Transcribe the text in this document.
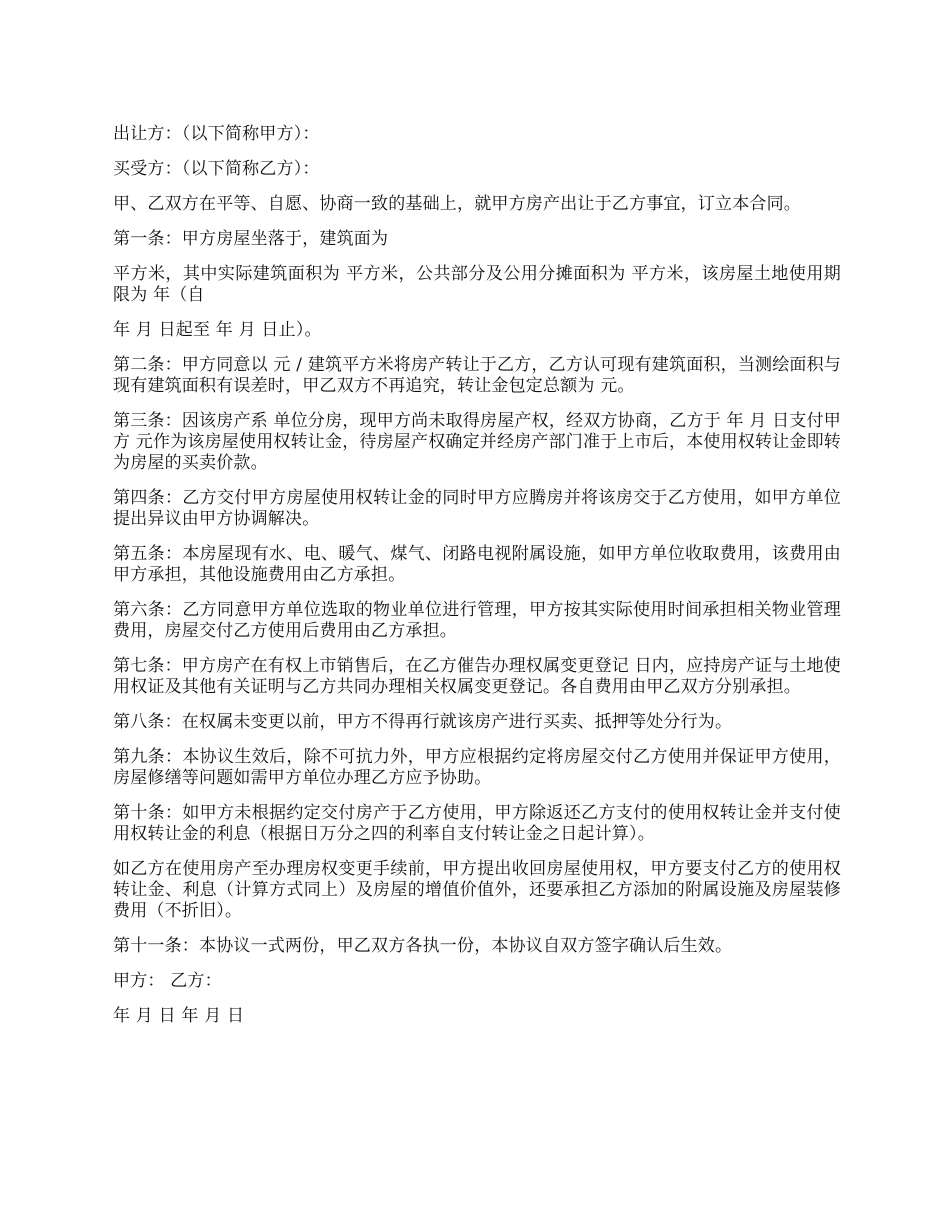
出让方：（以下简称甲方）：

买受方：（以下简称乙方）：

甲、乙双方在平等、自愿、协商一致的基础上，就甲方房产出让于乙方事宜，订立本合同。

第一条：甲方房屋坐落于，建筑面为

平方米，其中实际建筑面积为 平方米，公共部分及公用分摊面积为 平方米，该房屋土地使用期限为 年（自

年 月 日起至 年 月 日止）。

第二条：甲方同意以 元 / 建筑平方米将房产转让于乙方，乙方认可现有建筑面积，当测绘面积与现有建筑面积有误差时，甲乙双方不再追究，转让金包定总额为 元。

第三条：因该房产系 单位分房，现甲方尚未取得房屋产权，经双方协商，乙方于 年 月 日支付甲方 元作为该房屋使用权转让金，待房屋产权确定并经房产部门准于上市后，本使用权转让金即转为房屋的买卖价款。

第四条：乙方交付甲方房屋使用权转让金的同时甲方应腾房并将该房交于乙方使用，如甲方单位提出异议由甲方协调解决。

第五条：本房屋现有水、电、暖气、煤气、闭路电视附属设施，如甲方单位收取费用，该费用由甲方承担，其他设施费用由乙方承担。

第六条：乙方同意甲方单位选取的物业单位进行管理，甲方按其实际使用时间承担相关物业管理费用，房屋交付乙方使用后费用由乙方承担。

第七条：甲方房产在有权上市销售后，在乙方催告办理权属变更登记 日内，应持房产证与土地使用权证及其他有关证明与乙方共同办理相关权属变更登记。各自费用由甲乙双方分别承担。

第八条：在权属未变更以前，甲方不得再行就该房产进行买卖、抵押等处分行为。

第九条：本协议生效后，除不可抗力外，甲方应根据约定将房屋交付乙方使用并保证甲方使用，房屋修缮等问题如需甲方单位办理乙方应予协助。

第十条：如甲方未根据约定交付房产于乙方使用，甲方除返还乙方支付的使用权转让金并支付使用权转让金的利息（根据日万分之四的利率自支付转让金之日起计算）。

如乙方在使用房产至办理房权变更手续前，甲方提出收回房屋使用权，甲方要支付乙方的使用权转让金、利息（计算方式同上）及房屋的增值价值外，还要承担乙方添加的附属设施及房屋装修费用（不折旧）。

第十一条：本协议一式两份，甲乙双方各执一份，本协议自双方签字确认后生效。

甲方： 乙方：

年 月 日 年 月 日
